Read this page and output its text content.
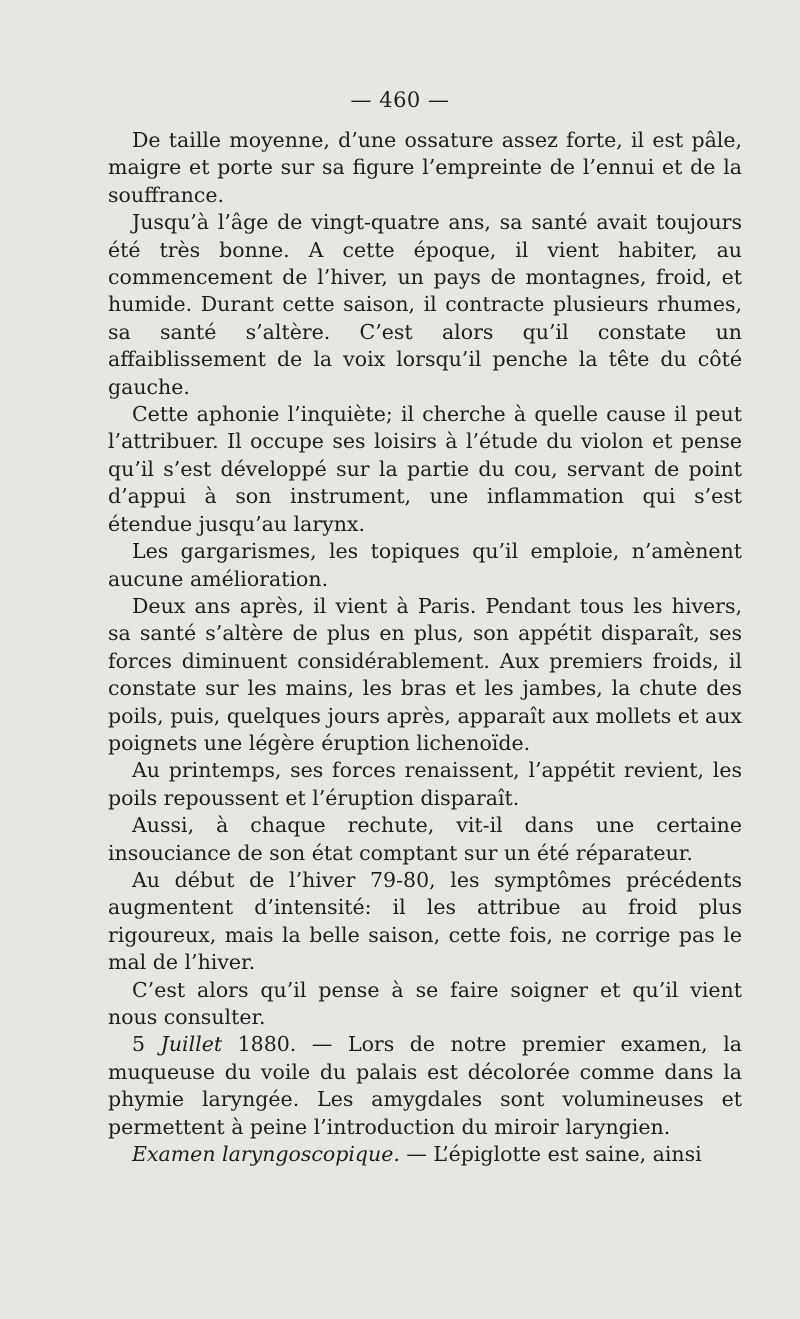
— 460 —

De taille moyenne, d’une ossature assez forte, il est pâle, maigre et porte sur sa figure l’empreinte de l’ennui et de la souffrance.

Jusqu’à l’âge de vingt-quatre ans, sa santé avait toujours été très bonne. A cette époque, il vient habiter, au commencement de l’hiver, un pays de montagnes, froid, et humide. Durant cette saison, il contracte plusieurs rhumes, sa santé s’altère. C’est alors qu’il constate un affaiblissement de la voix lorsqu’il penche la tête du côté gauche.

Cette aphonie l’inquiète; il cherche à quelle cause il peut l’attribuer. Il occupe ses loisirs à l’étude du violon et pense qu’il s’est développé sur la partie du cou, servant de point d’appui à son instrument, une inflammation qui s’est étendue jusqu’au larynx.

Les gargarismes, les topiques qu’il emploie, n’amènent aucune amélioration.

Deux ans après, il vient à Paris. Pendant tous les hivers, sa santé s’altère de plus en plus, son appétit disparaît, ses forces diminuent considérablement. Aux premiers froids, il constate sur les mains, les bras et les jambes, la chute des poils, puis, quelques jours après, apparaît aux mollets et aux poignets une légère éruption lichenoïde.

Au printemps, ses forces renaissent, l’appétit revient, les poils repoussent et l’éruption disparaît.

Aussi, à chaque rechute, vit-il dans une certaine insouciance de son état comptant sur un été réparateur.

Au début de l’hiver 79-80, les symptômes précédents augmentent d’intensité: il les attribue au froid plus rigoureux, mais la belle saison, cette fois, ne corrige pas le mal de l’hiver.

C’est alors qu’il pense à se faire soigner et qu’il vient nous consulter.

5 Juillet 1880. — Lors de notre premier examen, la muqueuse du voile du palais est décolorée comme dans la phymie laryngée. Les amygdales sont volumineuses et permettent à peine l’introduction du miroir laryngien.

Examen laryngoscopique. — L’épiglotte est saine, ainsi
